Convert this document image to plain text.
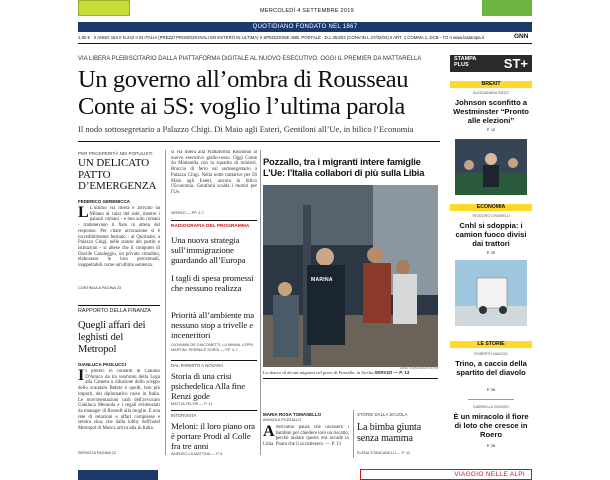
MERCOLEDÌ 4 SETTEMBRE 2019
QUOTIDIANO FONDATO NEL 1867
1,50 € · II ANNO 153 II N.242 II IN ITALIA (PREZZI PROMOZIONALI ED ESTERO IN ULTIMA) II SPEDIZIONE ABB. POSTALE · D.L.353/03 (CONV.IN L.27/02/04) II ART. 1 COMMA 1, DCB - TO II www.lastampa.it	GNN
VIA LIBERA PLEBISCITARIO DALLA PIATTAFORMA DIGITALE AL NUOVO ESECUTIVO. OGGI IL PREMIER DA MATTARELLA
Un governo all’ombra di Rousseau
Conte ai 5S: voglio l’ultima parola
Il nodo sottosegretario a Palazzo Chigi. Di Maio agli Esteri, Gentiloni all’Ue, in bilico l’Economia
PER PROSPERITÀ NEI POPULISTI
UN DELICATO PATTO D’EMERGENZA
FEDERICO GEREMICCA
L L’ultimo via libera è arrivato da Milano al calar del sole, mentre i palazzi romani - e non solo romani - trattenevano il fiato in attesa del responso. Per citare un'orazione sì è incredibilmente fermato - al Quirinale, a Palazzo Chigi, nelle stanze dei partiti e istituzioni - si attese che il computer di Davide Casaleggio, un privato cittadino, elaborasse le loro percentuali, inappellabili come un'ultima sentenza.
CONTINUA A PAGINA 23
RAPPORTO DELLA FINANZA
Quegli affari dei leghisti del Metropol
GIANLUCA PAOLUCCI
I I predici in contanti di Claudio D'Amico da tra vent'anni della Lega alla Camera a riduzione dello sceppo dello scandalo Bebito e quelli, bon più importi, del diplomatico russo in Italia. Le movimentazioni cash dell'avvocato Gianluca Meranda e i regali evidenziati da manager di Rosneft alla moglie. E una rete di relazioni e affari complesse e sentira sina, che dalla lobby dell'hotel Metropol di Mosca arriva alla in Italia.
SERVIZI A PAGINA 12
sì via libera alla Piattaforma Rousseau al nuovo esecutivo giallo-rosso. Oggi Conte da Mattarella con la squadra di ministri. Braccio di ferro sul sottosegretario a Palazzo Chigi. Nella notte trattative per Di Maio agli Esteri, ancora in bilico l'Economia. Gentiloni scalda i motori per l'Ue.
SERVIZI — PP. 2-7
RADIOGRAFIA DEL PROGRAMMA
Una nuova strategia sull’immigrazione guardando all’Europa
I tagli di spesa promessi che nessuno realizza
Priorità all’ambiente ma nessuno stop a trivelle e inceneritori
GIOVANNI DE GIACOMETTI, LA MINNA, LEPRI, MARTINI, PERINA E SORGI — PP. 4-7
DAL PARMITO A NOVARA
Storia di una crisi psichedelica Alla fine Renzi gode
MATTIA FELTRI — P. 11
INTERVISTA
Meloni: il loro piano ora è portare Prodi al Colle fra tre anni
AMEDEO LA MATTINA — P. 8
Pozzallo, tra i migranti intere famiglie
L’Ue: l’Italia collabori di più sulla Libia
MARINA
ANSA / FRANCESCO RUTA
Lo sbarco di alcuni migranti nel porto di Pozzallo, in Sicilia SERVIZI — P. 13
MARIA ROSA TOMASELLO
INVIATA A POZZALLO
A Avevamo paura che uscissero i bambini per chiedere loro un riscatto, perché andare questo era accade in Libia. Paura che li uccidessero. — P. 13
STORIE DALLA SCUOLA
La bimba giunta senza mamma
ELENA STANCANELLI — P. 12
STAMPA
PLUS	ST+
BREXIT
ALESSANDRA RIZZO
Johnson sconfitto a Westminster “Pronto alle elezioni”
P. 12
ECONOMIA
TEODORO CHIARELLI
Cnhl si sdoppia: i camion fuoco divisi dai trattori
P. 20
LE STORIE
ROBERTO MAGGIO
Trino, a caccia della spartito del diavolo
P. 26
GABRIELLA GRASSO
È un miracolo il fiore di loto che cresce in Roero
P. 28
VIAGGIO NELLE ALPI
